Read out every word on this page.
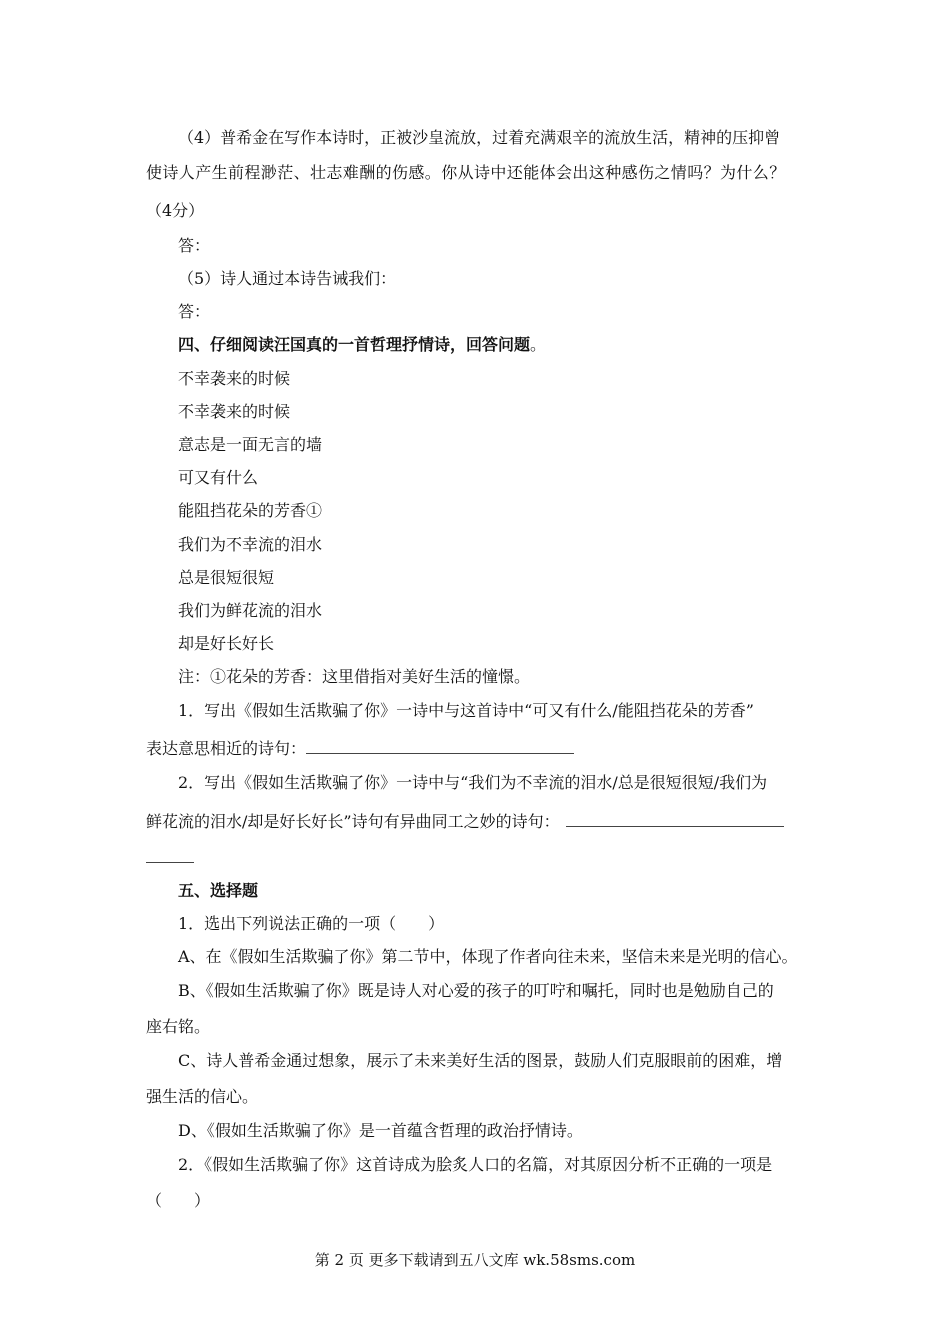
（4）普希金在写作本诗时，正被沙皇流放，过着充满艰辛的流放生活，精神的压抑曾
使诗人产生前程渺茫、壮志难酬的伤感。你从诗中还能体会出这种感伤之情吗？为什么？
（4分）
答：
（5）诗人通过本诗告诫我们：
答：
四、仔细阅读汪国真的一首哲理抒情诗，回答问题。
不幸袭来的时候
不幸袭来的时候
意志是一面无言的墙
可又有什么
能阻挡花朵的芳香①
我们为不幸流的泪水
总是很短很短
我们为鲜花流的泪水
却是好长好长
注：①花朵的芳香：这里借指对美好生活的憧憬。
1．写出《假如生活欺骗了你》一诗中与这首诗中“可又有什么/能阻挡花朵的芳香”
表达意思相近的诗句：
2．写出《假如生活欺骗了你》一诗中与“我们为不幸流的泪水/总是很短很短/我们为
鲜花流的泪水/却是好长好长”诗句有异曲同工之妙的诗句：
五、选择题
1．选出下列说法正确的一项（　　）
A、在《假如生活欺骗了你》第二节中，体现了作者向往未来，坚信未来是光明的信心。
B、《假如生活欺骗了你》既是诗人对心爱的孩子的叮咛和嘱托，同时也是勉励自己的
座右铭。
C、诗人普希金通过想象，展示了未来美好生活的图景，鼓励人们克服眼前的困难，增
强生活的信心。
D、《假如生活欺骗了你》是一首蕴含哲理的政治抒情诗。
2．《假如生活欺骗了你》这首诗成为脍炙人口的名篇，对其原因分析不正确的一项是
（　　）
第 2 页 更多下载请到五八文库 wk.58sms.com
